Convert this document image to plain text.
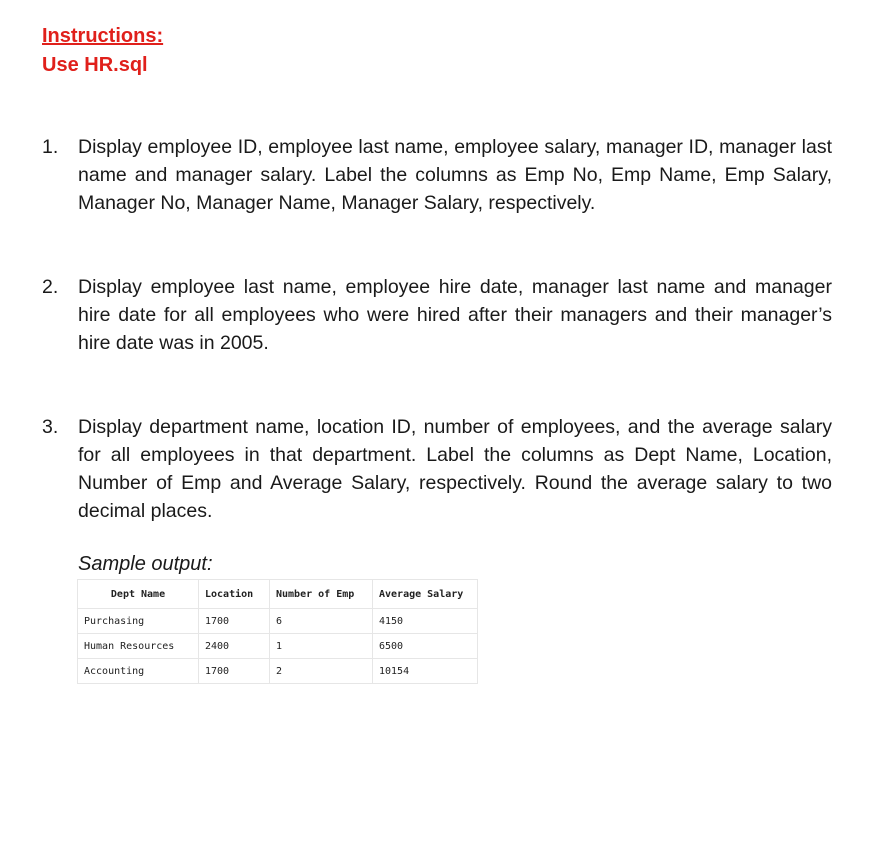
Instructions:
Use HR.sql
1.	Display employee ID, employee last name, employee salary, manager ID, manager last name and manager salary. Label the columns as Emp No, Emp Name, Emp Salary, Manager No, Manager Name, Manager Salary, respectively.
2.	Display employee last name, employee hire date, manager last name and manager hire date for all employees who were hired after their managers and their manager’s hire date was in 2005.
3.	Display department name, location ID, number of employees, and the average salary for all employees in that department. Label the columns as Dept Name, Location, Number of Emp and Average Salary, respectively. Round the average salary to two decimal places.
Sample output:
Dept Name	Location	Number of Emp	Average Salary
Purchasing	1700	6	4150
Human Resources	2400	1	6500
Accounting	1700	2	10154
